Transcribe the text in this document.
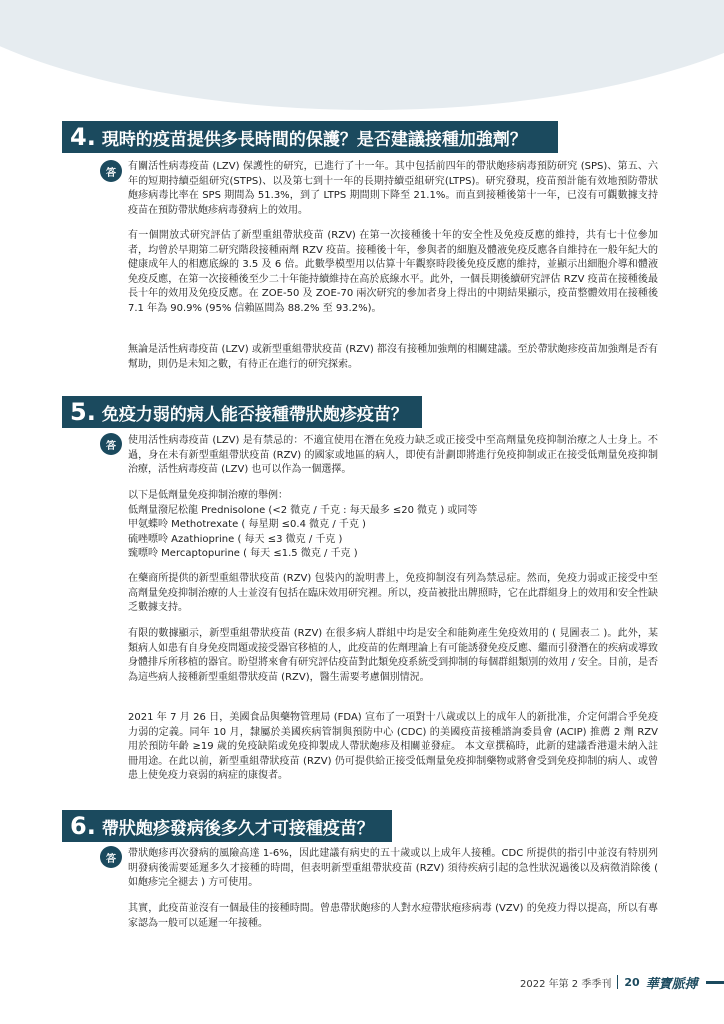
4. 現時的疫苗提供多長時間的保護？是否建議接種加強劑？
答

有關活性病毒疫苗 (LZV) 保護性的研究，已進行了十一年。其中包括前四年的帶狀皰疹病毒預防研究 (SPS)、第五、六年的短期持續亞組研究(STPS)、以及第七到十一年的長期持續亞組研究(LTPS)。研究發現，疫苗預計能有效地預防帶狀皰疹病毒比率在 SPS 期間為 51.3%，到了 LTPS 期間則下降至 21.1%。而直到接種後第十一年，已沒有可觀數據支持疫苗在預防帶狀皰疹病毒發病上的效用。

有一個開放式研究評估了新型重組帶狀疫苗 (RZV) 在第一次接種後十年的安全性及免疫反應的維持，共有七十位參加者，均曾於早期第二研究階段接種兩劑 RZV 疫苗。接種後十年，參與者的細胞及體液免疫反應各自維持在一般年紀大的健康成年人的相應底線的 3.5 及 6 倍。此數學模型用以估算十年觀察時段後免疫反應的維持，並顯示出細胞介導和體液免疫反應，在第一次接種後至少二十年能持續維持在高於底線水平。此外，一個長期後續研究評估 RZV 疫苗在接種後最長十年的效用及免疫反應。在 ZOE-50 及 ZOE-70 兩次研究的參加者身上得出的中期結果顯示，疫苗整體效用在接種後 7.1 年為 90.9% (95% 信賴區間為 88.2% 至 93.2%)。

無論是活性病毒疫苗 (LZV) 或新型重組帶狀疫苗 (RZV) 都沒有接種加強劑的相關建議。至於帶狀皰疹疫苗加強劑是否有幫助，則仍是未知之數，有待正在進行的研究探索。

5. 免疫力弱的病人能否接種帶狀皰疹疫苗？
答	使用活性病毒疫苗 (LZV) 是有禁忌的：不適宜使用在潛在免疫力缺乏或正接受中至高劑量免疫抑制治療之人士身上。不過，身在未有新型重組帶狀疫苗 (RZV) 的國家或地區的病人，即使有計劃即將進行免疫抑制或正在接受低劑量免疫抑制治療，活性病毒疫苗 (LZV) 也可以作為一個選擇。

以下是低劑量免疫抑制治療的舉例：
低劑量潑尼松龍 Prednisolone (<2 微克 / 千克 : 每天最多 ≤20 微克 ) 或同等
甲氨蝶呤 Methotrexate ( 每星期 ≤0.4 微克 / 千克 )
硫唑嘌呤 Azathioprine ( 每天 ≤3 微克 / 千克 )
巰嘌呤 Mercaptopurine ( 每天 ≤1.5 微克 / 千克 )

在藥商所提供的新型重組帶狀疫苗 (RZV) 包裝內的說明書上，免疫抑制沒有列為禁忌症。然而，免疫力弱或正接受中至高劑量免疫抑制治療的人士並沒有包括在臨床效用研究裡。所以，疫苗被批出牌照時，它在此群組身上的效用和安全性缺乏數據支持。

有限的數據顯示，新型重組帶狀疫苗 (RZV) 在很多病人群組中均是安全和能夠產生免疫效用的 ( 見圖表二 )。此外，某類病人如患有自身免疫問題或接受器官移植的人，此疫苗的佐劑理論上有可能誘發免疫反應、繼而引發潛在的疾病或導致身體排斥所移植的器官。盼望將來會有研究評估疫苗對此類免疫系統受到抑制的每個群組類別的效用 / 安全。目前，是否為這些病人接種新型重組帶狀疫苗 (RZV)，醫生需要考慮個別情況。

2021 年 7 月 26 日，美國食品與藥物管理局 (FDA) 宣布了一項對十八歲或以上的成年人的新批准，介定何謂合乎免疫力弱的定義。同年 10 月，隸屬於美國疾病管制與預防中心 (CDC) 的美國疫苗接種諮詢委員會 (ACIP) 推薦 2 劑 RZV 用於預防年齡 ≥19 歲的免疫缺陷或免疫抑製成人帶狀皰疹及相關並發症。 本文章撰稿時，此新的建議香港還未納入註冊用途。在此以前，新型重組帶狀疫苗 (RZV) 仍可提供給正接受低劑量免疫抑制藥物或將會受到免疫抑制的病人、或曾患上使免疫力衰弱的病症的康復者。

6. 帶狀皰疹發病後多久才可接種疫苗？
答	帶狀皰疹再次發病的風險高達 1-6%，因此建議有病史的五十歲或以上成年人接種。CDC 所提供的指引中並沒有特別列明發病後需要延遲多久才接種的時間，但表明新型重組帶狀疫苗 (RZV) 須待疾病引起的急性狀況過後以及病徵消除後 ( 如皰疹完全褪去 ) 方可使用。

其實，此疫苗並沒有一個最佳的接種時間。曾患帶狀皰疹的人對水痘帶狀疱疹病毒 (VZV) 的免疫力得以提高，所以有專家認為一般可以延遲一年接種。

2022 年第 2 季季刊 20 華寶脈搏
